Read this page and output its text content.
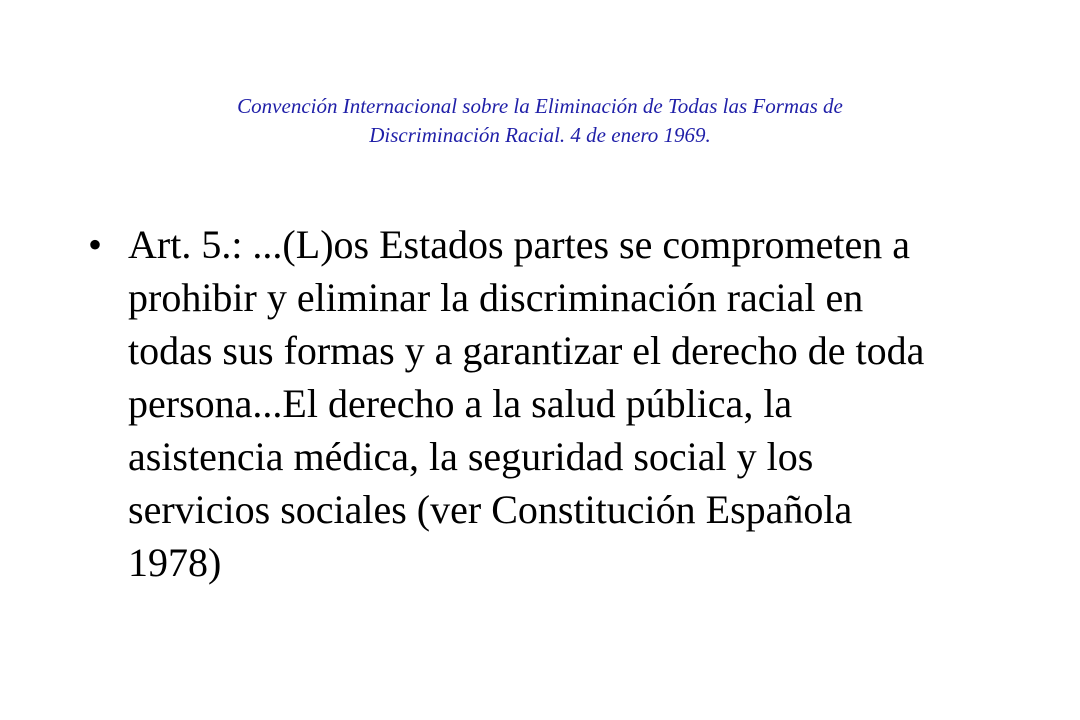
Convención Internacional sobre la Eliminación de Todas las Formas de
Discriminación Racial. 4 de enero 1969.
• Art. 5.: ...(L)os Estados partes se comprometen a
prohibir y eliminar la discriminación racial en
todas sus formas y a garantizar el derecho de toda
persona...El derecho a la salud pública, la
asistencia médica, la seguridad social y los
servicios sociales (ver Constitución Española
1978)
